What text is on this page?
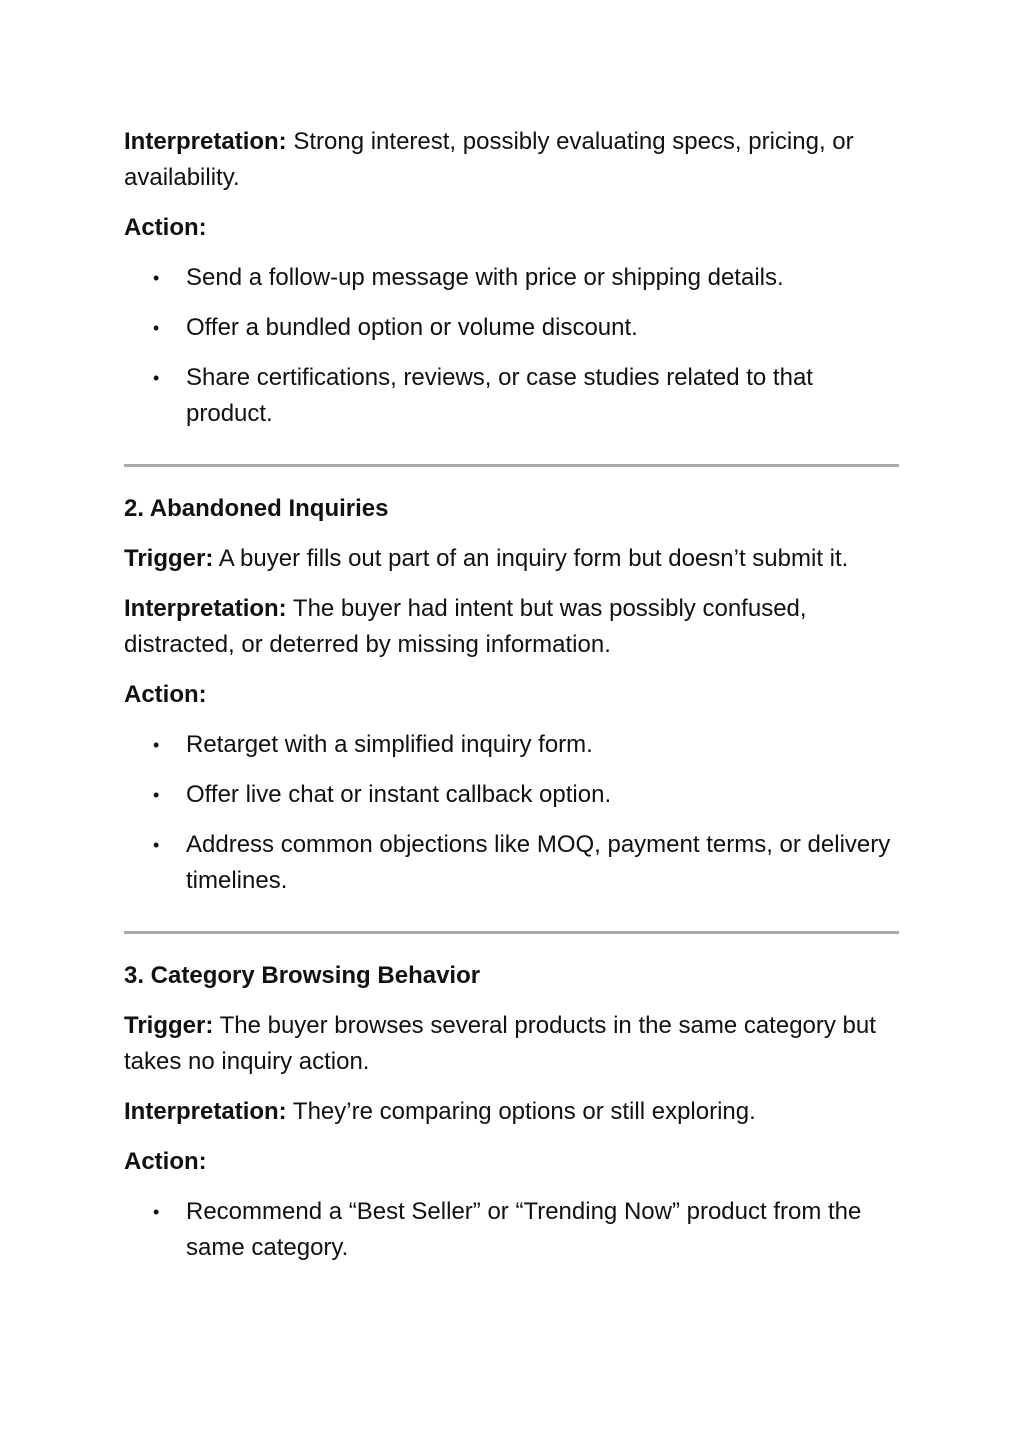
Interpretation: Strong interest, possibly evaluating specs, pricing, or availability.

Action:

• Send a follow-up message with price or shipping details.
• Offer a bundled option or volume discount.
• Share certifications, reviews, or case studies related to that product.
2. Abandoned Inquiries

Trigger: A buyer fills out part of an inquiry form but doesn’t submit it.

Interpretation: The buyer had intent but was possibly confused, distracted, or deterred by missing information.

Action:

• Retarget with a simplified inquiry form.
• Offer live chat or instant callback option.
• Address common objections like MOQ, payment terms, or delivery timelines.
3. Category Browsing Behavior

Trigger: The buyer browses several products in the same category but takes no inquiry action.

Interpretation: They’re comparing options or still exploring.

Action:

• Recommend a “Best Seller” or “Trending Now” product from the same category.
